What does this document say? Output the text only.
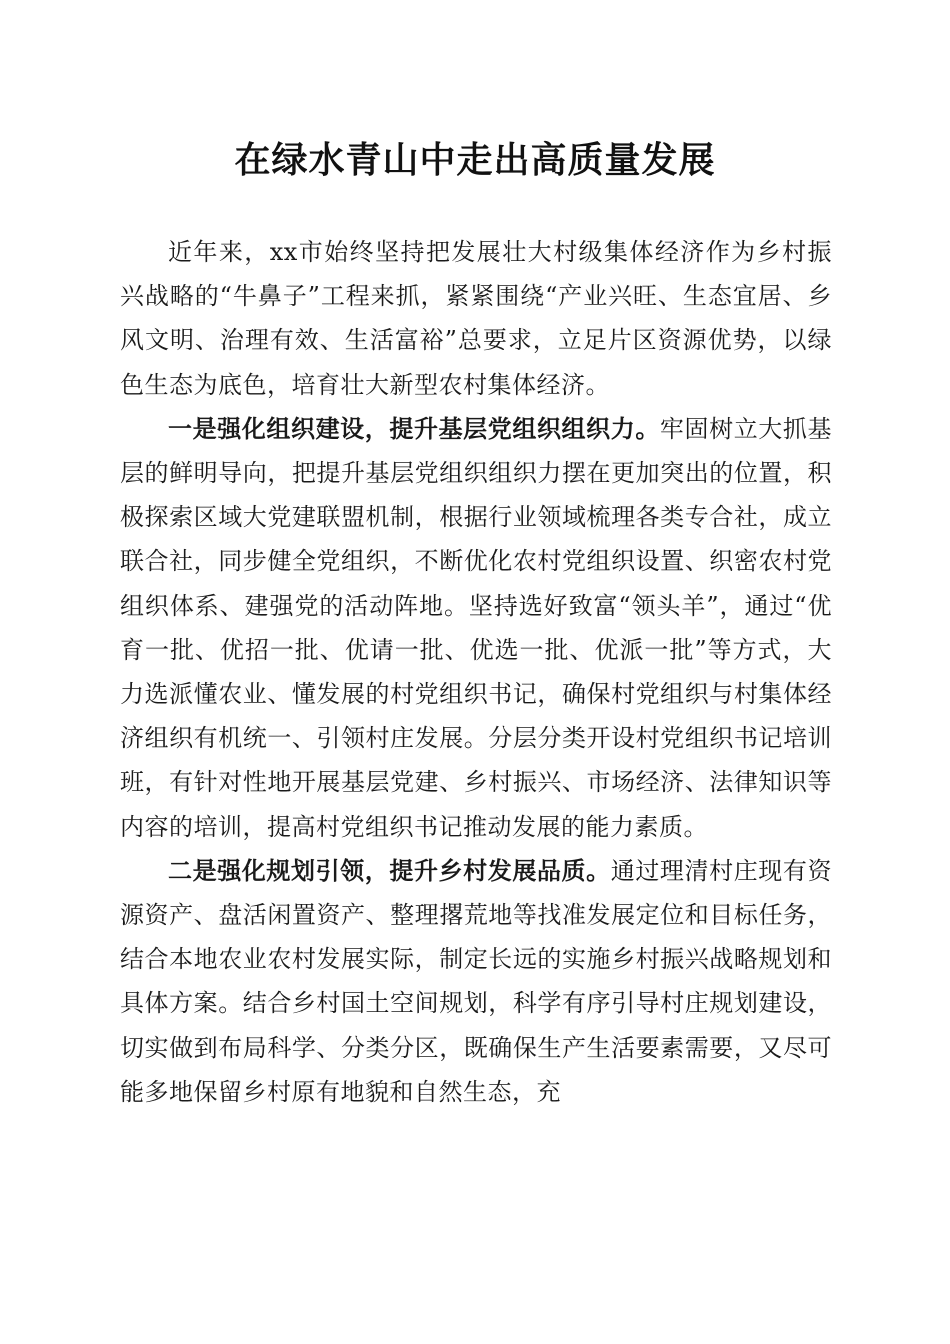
在绿水青山中走出高质量发展

近年来，xx市始终坚持把发展壮大村级集体经济作为乡村振兴战略的“牛鼻子”工程来抓，紧紧围绕“产业兴旺、生态宜居、乡风文明、治理有效、生活富裕”总要求，立足片区资源优势，以绿色生态为底色，培育壮大新型农村集体经济。

一是强化组织建设，提升基层党组织组织力。牢固树立大抓基层的鲜明导向，把提升基层党组织组织力摆在更加突出的位置，积极探索区域大党建联盟机制，根据行业领域梳理各类专合社，成立联合社，同步健全党组织，不断优化农村党组织设置、织密农村党组织体系、建强党的活动阵地。坚持选好致富“领头羊”，通过“优育一批、优招一批、优请一批、优选一批、优派一批”等方式，大力选派懂农业、懂发展的村党组织书记，确保村党组织与村集体经济组织有机统一、引领村庄发展。分层分类开设村党组织书记培训班，有针对性地开展基层党建、乡村振兴、市场经济、法律知识等内容的培训，提高村党组织书记推动发展的能力素质。

二是强化规划引领，提升乡村发展品质。通过理清村庄现有资源资产、盘活闲置资产、整理撂荒地等找准发展定位和目标任务，结合本地农业农村发展实际，制定长远的实施乡村振兴战略规划和具体方案。结合乡村国土空间规划，科学有序引导村庄规划建设，切实做到布局科学、分类分区，既确保生产生活要素需要，又尽可能多地保留乡村原有地貌和自然生态，充
